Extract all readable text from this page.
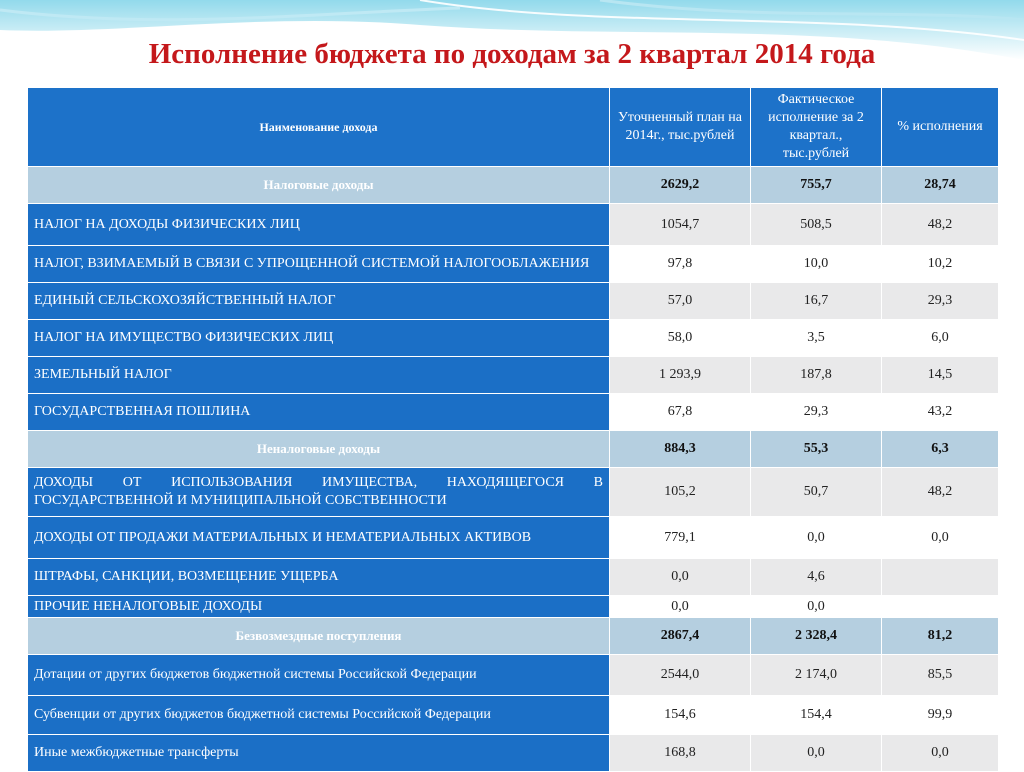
Исполнение бюджета по доходам за 2 квартал 2014 года
Наименование дохода	Уточненный план на 2014г., тыс.рублей	Фактическое исполнение за 2 квартал., тыс.рублей	% исполнения
Налоговые доходы	2629,2	755,7	28,74
НАЛОГ НА ДОХОДЫ ФИЗИЧЕСКИХ ЛИЦ	1054,7	508,5	48,2
НАЛОГ, ВЗИМАЕМЫЙ В СВЯЗИ С УПРОЩЕННОЙ СИСТЕМОЙ НАЛОГООБЛАЖЕНИЯ	97,8	10,0	10,2
ЕДИНЫЙ СЕЛЬСКОХОЗЯЙСТВЕННЫЙ НАЛОГ	57,0	16,7	29,3
НАЛОГ НА ИМУЩЕСТВО ФИЗИЧЕСКИХ ЛИЦ	58,0	3,5	6,0
ЗЕМЕЛЬНЫЙ НАЛОГ	1 293,9	187,8	14,5
ГОСУДАРСТВЕННАЯ ПОШЛИНА	67,8	29,3	43,2
Неналоговые доходы	884,3	55,3	6,3
ДОХОДЫ ОТ ИСПОЛЬЗОВАНИЯ ИМУЩЕСТВА, НАХОДЯЩЕГОСЯ В ГОСУДАРСТВЕННОЙ И МУНИЦИПАЛЬНОЙ СОБСТВЕННОСТИ	105,2	50,7	48,2
ДОХОДЫ ОТ ПРОДАЖИ МАТЕРИАЛЬНЫХ И НЕМАТЕРИАЛЬНЫХ АКТИВОВ	779,1	0,0	0,0
ШТРАФЫ, САНКЦИИ, ВОЗМЕЩЕНИЕ УЩЕРБА	0,0	4,6	
ПРОЧИЕ НЕНАЛОГОВЫЕ ДОХОДЫ	0,0	0,0	
Безвозмездные поступления	2867,4	2 328,4	81,2
Дотации от других бюджетов бюджетной системы Российской Федерации	2544,0	2 174,0	85,5
Субвенции от других бюджетов бюджетной системы Российской Федерации	154,6	154,4	99,9
Иные межбюджетные трансферты	168,8	0,0	0,0
